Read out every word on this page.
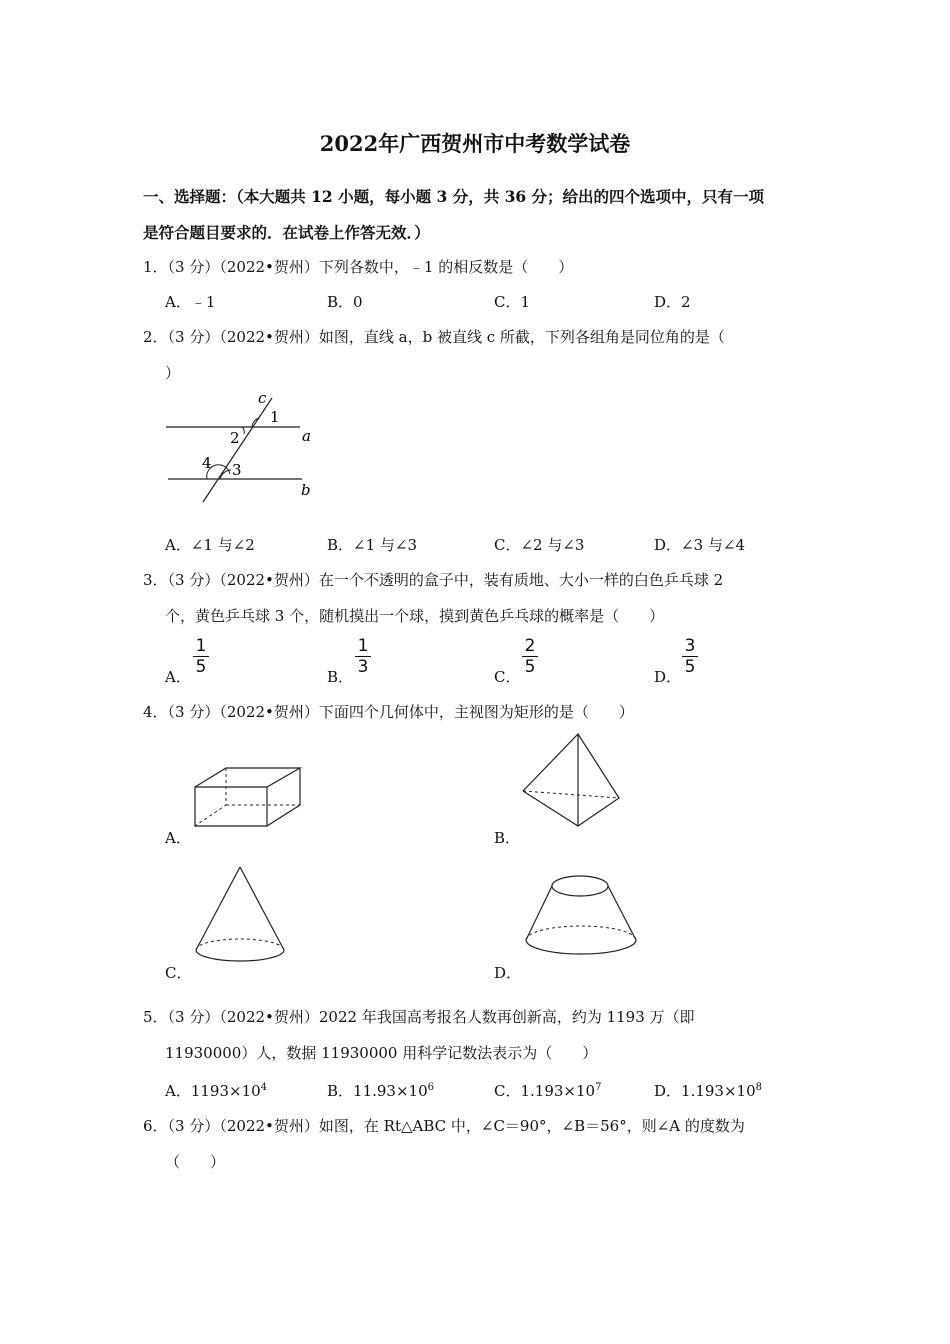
2022年广西贺州市中考数学试卷
一、选择题：（本大题共 12 小题，每小题 3 分，共 36 分；给出的四个选项中，只有一项
是符合题目要求的．在试卷上作答无效．）
1．（3 分）（2022•贺州）下列各数中，﹣1 的相反数是（　　）
A．﹣1	B．0	C．1	D．2
2．（3 分）（2022•贺州）如图，直线 a，b 被直线 c 所截，下列各组角是同位角的是（
）
c
a
b
1
2
3
4
A．∠1 与∠2	B．∠1 与∠3	C．∠2 与∠3	D．∠3 与∠4
3．（3 分）（2022•贺州）在一个不透明的盒子中，装有质地、大小一样的白色乒乓球 2
个，黄色乒乓球 3 个，随机摸出一个球，摸到黄色乒乓球的概率是（　　）
A．
1
5	B．
1
3	C．
2
5	D．
3
5
4．（3 分）（2022•贺州）下面四个几何体中，主视图为矩形的是（　　）
A．	B．
C．	D．
5．（3 分）（2022•贺州）2022 年我国高考报名人数再创新高，约为 1193 万（即
11930000）人，数据 11930000 用科学记数法表示为（　　）
A．$1193\times 10^4$	B．$11.93\times 10^6$	C．$1.193\times 10^7$	D．$1.193\times 10^8$
6．（3 分）（2022•贺州）如图，在 Rt△ABC 中，∠C＝90°，∠B＝56°，则∠A 的度数为
（　　）
